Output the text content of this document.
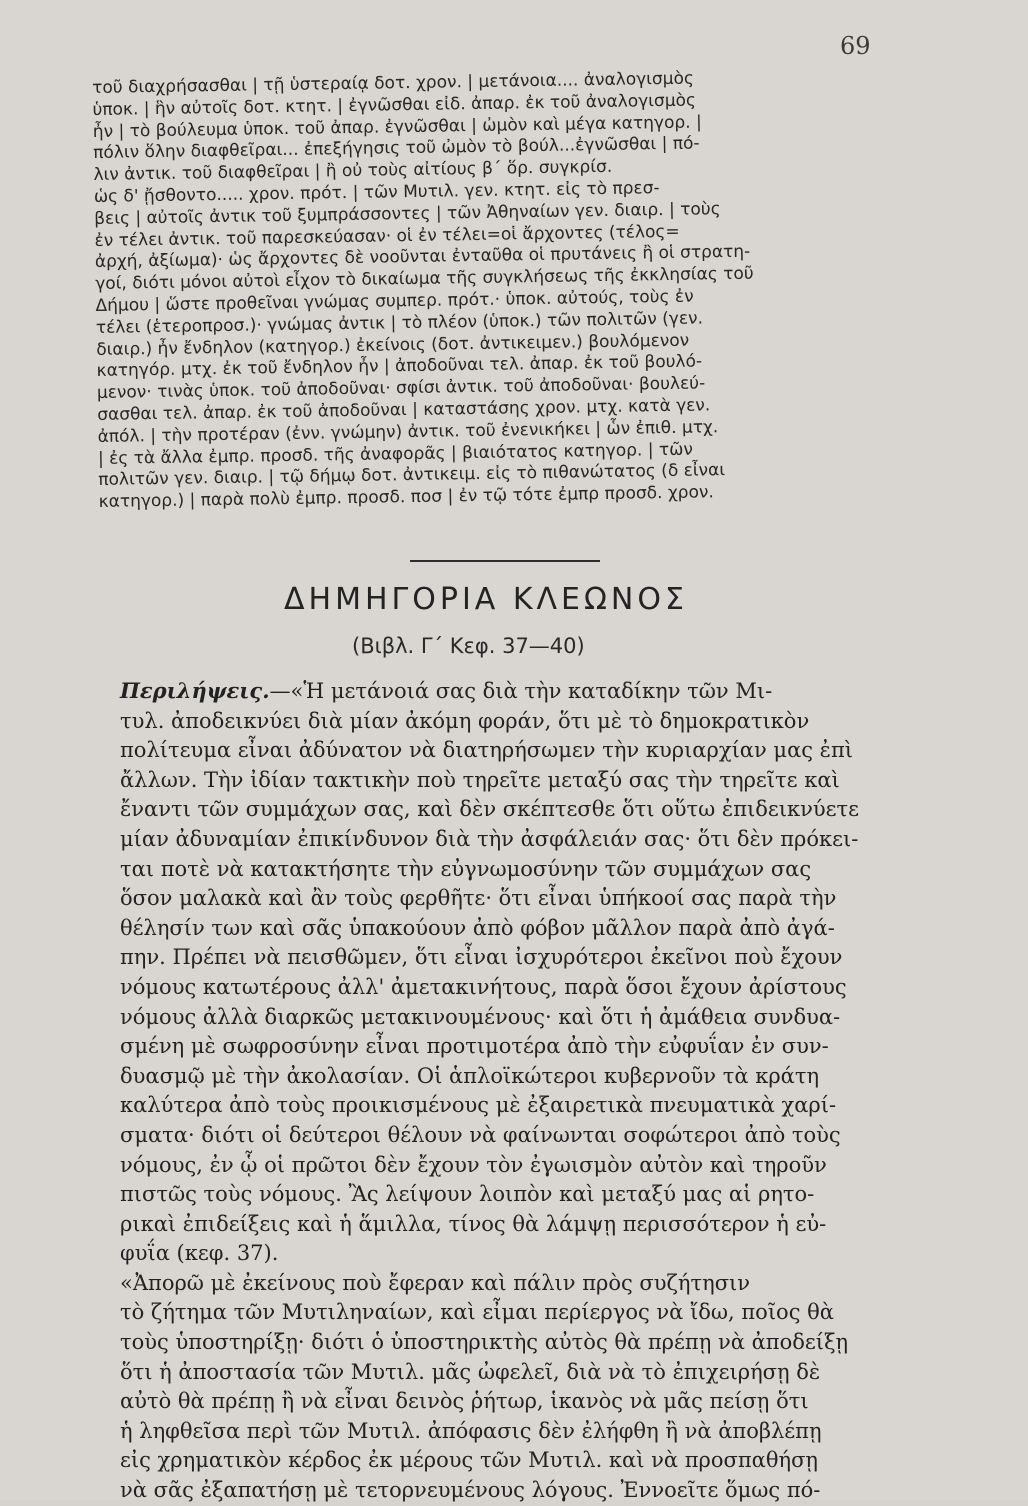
69

τοῦ διαχρήσασθαι | τῇ ὑστεραίᾳ δοτ. χρον. | μετάνοια.... ἀναλογισμὸς

ὑποκ. | ἣν αὐτοῖς δοτ. κτητ. | ἐγνῶσθαι εἰδ. ἀπαρ. ἐκ τοῦ ἀναλογισμὸς

ἦν | τὸ βούλευμα ὑποκ. τοῦ ἀπαρ. ἐγνῶσθαι | ὠμὸν καὶ μέγα κατηγορ. |

πόλιν ὅλην διαφθεῖραι... ἐπεξήγησις τοῦ ὠμὸν τὸ βούλ...ἐγνῶσθαι | πό-

λιν ἀντικ. τοῦ διαφθεῖραι | ἢ οὐ τοὺς αἰτίους β΄ ὅρ. συγκρίσ.

ὡς δ' ᾔσθοντο..... χρον. πρότ. | τῶν Μυτιλ. γεν. κτητ. εἰς τὸ πρεσ-

βεις | αὐτοῖς ἀντικ τοῦ ξυμπράσσοντες | τῶν Ἀθηναίων γεν. διαιρ. | τοὺς

ἐν τέλει ἀντικ. τοῦ παρεσκεύασαν· οἱ ἐν τέλει=οἱ ἄρχοντες (τέλος=

ἀρχή, ἀξίωμα)· ὡς ἄρχοντες δὲ νοοῦνται ἐνταῦθα οἱ πρυτάνεις ἢ οἱ στρατη-

γοί, διότι μόνοι αὐτοὶ εἶχον τὸ δικαίωμα τῆς συγκλήσεως τῆς ἐκκλησίας τοῦ

Δήμου | ὥστε προθεῖναι γνώμας συμπερ. πρότ.· ὑποκ. αὐτούς, τοὺς ἐν

τέλει (ἑτεροπροσ.)· γνώμας ἀντικ | τὸ πλέον (ὑποκ.) τῶν πολιτῶν (γεν.

διαιρ.) ἦν ἔνδηλον (κατηγορ.) ἐκείνοις (δοτ. ἀντικειμεν.) βουλόμενον

κατηγόρ. μτχ. ἐκ τοῦ ἔνδηλον ἦν | ἀποδοῦναι τελ. ἀπαρ. ἐκ τοῦ βουλό-

μενον· τινὰς ὑποκ. τοῦ ἀποδοῦναι· σφίσι ἀντικ. τοῦ ἀποδοῦναι· βουλεύ-

σασθαι τελ. ἀπαρ. ἐκ τοῦ ἀποδοῦναι | καταστάσης χρον. μτχ. κατὰ γεν.

ἀπόλ. | τὴν προτέραν (ἐνν. γνώμην) ἀντικ. τοῦ ἐνενικήκει | ὧν ἐπιθ. μτχ.

| ἐς τὰ ἄλλα ἐμπρ. προσδ. τῆς ἀναφορᾶς | βιαιότατος κατηγορ. | τῶν

πολιτῶν γεν. διαιρ. | τῷ δήμῳ δοτ. ἀντικειμ. εἰς τὸ πιθανώτατος (δ εἶναι

κατηγορ.) | παρὰ πολὺ ἐμπρ. προσδ. ποσ | ἐν τῷ τότε ἐμπρ προσδ. χρον.

ΔΗΜΗΓΟΡΙΑ ΚΛΕΩΝΟΣ
(Βιβλ. Γ΄ Κεφ. 37—40)

Περιλήψεις.—«Ἡ μετάνοιά σας διὰ τὴν καταδίκην τῶν Μι-

τυλ. ἀποδεικνύει διὰ μίαν ἀκόμη φοράν, ὅτι μὲ τὸ δημοκρατικὸν

πολίτευμα εἶναι ἀδύνατον νὰ διατηρήσωμεν τὴν κυριαρχίαν μας ἐπὶ

ἄλλων. Τὴν ἰδίαν τακτικὴν ποὺ τηρεῖτε μεταξύ σας τὴν τηρεῖτε καὶ

ἔναντι τῶν συμμάχων σας, καὶ δὲν σκέπτεσθε ὅτι οὕτω ἐπιδεικνύετε

μίαν ἀδυναμίαν ἐπικίνδυνον διὰ τὴν ἀσφάλειάν σας· ὅτι δὲν πρόκει-

ται ποτὲ νὰ κατακτήσητε τὴν εὐγνωμοσύνην τῶν συμμάχων σας

ὅσον μαλακὰ καὶ ἂν τοὺς φερθῆτε· ὅτι εἶναι ὑπήκοοί σας παρὰ τὴν

θέλησίν των καὶ σᾶς ὑπακούουν ἀπὸ φόβον μᾶλλον παρὰ ἀπὸ ἀγά-

πην. Πρέπει νὰ πεισθῶμεν, ὅτι εἶναι ἰσχυρότεροι ἐκεῖνοι ποὺ ἔχουν

νόμους κατωτέρους ἀλλ' ἀμετακινήτους, παρὰ ὅσοι ἔχουν ἀρίστους

νόμους ἀλλὰ διαρκῶς μετακινουμένους· καὶ ὅτι ἡ ἀμάθεια συνδυα-

σμένη μὲ σωφροσύνην εἶναι προτιμοτέρα ἀπὸ τὴν εὐφυΐαν ἐν συν-

δυασμῷ μὲ τὴν ἀκολασίαν. Οἱ ἁπλοϊκώτεροι κυβερνοῦν τὰ κράτη

καλύτερα ἀπὸ τοὺς προικισμένους μὲ ἐξαιρετικὰ πνευματικὰ χαρί-

σματα· διότι οἱ δεύτεροι θέλουν νὰ φαίνωνται σοφώτεροι ἀπὸ τοὺς

νόμους, ἐν ᾧ οἱ πρῶτοι δὲν ἔχουν τὸν ἐγωισμὸν αὐτὸν καὶ τηροῦν

πιστῶς τοὺς νόμους. Ἂς λείψουν λοιπὸν καὶ μεταξύ μας αἱ ρητο-

ρικαὶ ἐπιδείξεις καὶ ἡ ἅμιλλα, τίνος θὰ λάμψῃ περισσότερον ἡ εὐ-

φυΐα (κεφ. 37).

«Ἀπορῶ μὲ ἐκείνους ποὺ ἔφεραν καὶ πάλιν πρὸς συζήτησιν

τὸ ζήτημα τῶν Μυτιληναίων, καὶ εἶμαι περίεργος νὰ ἴδω, ποῖος θὰ

τοὺς ὑποστηρίξῃ· διότι ὁ ὑποστηρικτὴς αὐτὸς θὰ πρέπῃ νὰ ἀποδείξῃ

ὅτι ἡ ἀποστασία τῶν Μυτιλ. μᾶς ὠφελεῖ, διὰ νὰ τὸ ἐπιχειρήσῃ δὲ

αὐτὸ θὰ πρέπῃ ἢ νὰ εἶναι δεινὸς ῥήτωρ, ἱκανὸς νὰ μᾶς πείσῃ ὅτι

ἡ ληφθεῖσα περὶ τῶν Μυτιλ. ἀπόφασις δὲν ἐλήφθη ἢ νὰ ἀποβλέπῃ

εἰς χρηματικὸν κέρδος ἐκ μέρους τῶν Μυτιλ. καὶ νὰ προσπαθήσῃ

νὰ σᾶς ἐξαπατήσῃ μὲ τετορνευμένους λόγους. Ἐννοεῖτε ὅμως πό-
